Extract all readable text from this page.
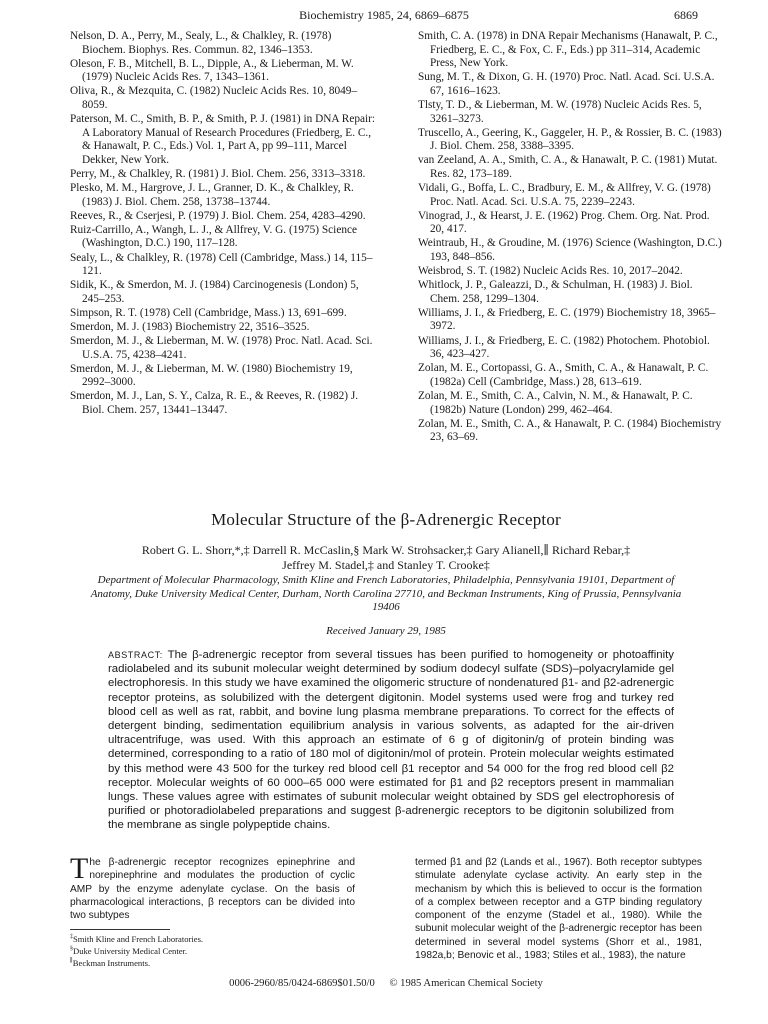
Biochemistry 1985, 24, 6869–6875	6869

Nelson, D. A., Perry, M., Sealy, L., & Chalkley, R. (1978) Biochem. Biophys. Res. Commun. 82, 1346–1353.

Oleson, F. B., Mitchell, B. L., Dipple, A., & Lieberman, M. W. (1979) Nucleic Acids Res. 7, 1343–1361.

Oliva, R., & Mezquita, C. (1982) Nucleic Acids Res. 10, 8049–8059.

Paterson, M. C., Smith, B. P., & Smith, P. J. (1981) in DNA Repair: A Laboratory Manual of Research Procedures (Friedberg, E. C., & Hanawalt, P. C., Eds.) Vol. 1, Part A, pp 99–111, Marcel Dekker, New York.

Perry, M., & Chalkley, R. (1981) J. Biol. Chem. 256, 3313–3318.

Plesko, M. M., Hargrove, J. L., Granner, D. K., & Chalkley, R. (1983) J. Biol. Chem. 258, 13738–13744.

Reeves, R., & Cserjesi, P. (1979) J. Biol. Chem. 254, 4283–4290.

Ruiz-Carrillo, A., Wangh, L. J., & Allfrey, V. G. (1975) Science (Washington, D.C.) 190, 117–128.

Sealy, L., & Chalkley, R. (1978) Cell (Cambridge, Mass.) 14, 115–121.

Sidik, K., & Smerdon, M. J. (1984) Carcinogenesis (London) 5, 245–253.

Simpson, R. T. (1978) Cell (Cambridge, Mass.) 13, 691–699.

Smerdon, M. J. (1983) Biochemistry 22, 3516–3525.

Smerdon, M. J., & Lieberman, M. W. (1978) Proc. Natl. Acad. Sci. U.S.A. 75, 4238–4241.

Smerdon, M. J., & Lieberman, M. W. (1980) Biochemistry 19, 2992–3000.

Smerdon, M. J., Lan, S. Y., Calza, R. E., & Reeves, R. (1982) J. Biol. Chem. 257, 13441–13447.

Smith, C. A. (1978) in DNA Repair Mechanisms (Hanawalt, P. C., Friedberg, E. C., & Fox, C. F., Eds.) pp 311–314, Academic Press, New York.

Sung, M. T., & Dixon, G. H. (1970) Proc. Natl. Acad. Sci. U.S.A. 67, 1616–1623.

Tlsty, T. D., & Lieberman, M. W. (1978) Nucleic Acids Res. 5, 3261–3273.

Truscello, A., Geering, K., Gaggeler, H. P., & Rossier, B. C. (1983) J. Biol. Chem. 258, 3388–3395.

van Zeeland, A. A., Smith, C. A., & Hanawalt, P. C. (1981) Mutat. Res. 82, 173–189.

Vidali, G., Boffa, L. C., Bradbury, E. M., & Allfrey, V. G. (1978) Proc. Natl. Acad. Sci. U.S.A. 75, 2239–2243.

Vinograd, J., & Hearst, J. E. (1962) Prog. Chem. Org. Nat. Prod. 20, 417.

Weintraub, H., & Groudine, M. (1976) Science (Washington, D.C.) 193, 848–856.

Weisbrod, S. T. (1982) Nucleic Acids Res. 10, 2017–2042.

Whitlock, J. P., Galeazzi, D., & Schulman, H. (1983) J. Biol. Chem. 258, 1299–1304.

Williams, J. I., & Friedberg, E. C. (1979) Biochemistry 18, 3965–3972.

Williams, J. I., & Friedberg, E. C. (1982) Photochem. Photobiol. 36, 423–427.

Zolan, M. E., Cortopassi, G. A., Smith, C. A., & Hanawalt, P. C. (1982a) Cell (Cambridge, Mass.) 28, 613–619.

Zolan, M. E., Smith, C. A., Calvin, N. M., & Hanawalt, P. C. (1982b) Nature (London) 299, 462–464.

Zolan, M. E., Smith, C. A., & Hanawalt, P. C. (1984) Biochemistry 23, 63–69.

Molecular Structure of the β-Adrenergic Receptor
Robert G. L. Shorr,*,‡ Darrell R. McCaslin,§ Mark W. Strohsacker,‡ Gary Alianell,∥ Richard Rebar,‡
Jeffrey M. Stadel,‡ and Stanley T. Crooke‡
Department of Molecular Pharmacology, Smith Kline and French Laboratories, Philadelphia, Pennsylvania 19101, Department of Anatomy, Duke University Medical Center, Durham, North Carolina 27710, and Beckman Instruments, King of Prussia, Pennsylvania 19406
Received January 29, 1985
ABSTRACT: The β-adrenergic receptor from several tissues has been purified to homogeneity or photoaffinity radiolabeled and its subunit molecular weight determined by sodium dodecyl sulfate (SDS)–polyacrylamide gel electrophoresis. In this study we have examined the oligomeric structure of nondenatured β1- and β2-adrenergic receptor proteins, as solubilized with the detergent digitonin. Model systems used were frog and turkey red blood cell as well as rat, rabbit, and bovine lung plasma membrane preparations. To correct for the effects of detergent binding, sedimentation equilibrium analysis in various solvents, as adapted for the air-driven ultracentrifuge, was used. With this approach an estimate of 6 g of digitonin/g of protein binding was determined, corresponding to a ratio of 180 mol of digitonin/mol of protein. Protein molecular weights estimated by this method were 43 500 for the turkey red blood cell β1 receptor and 54 000 for the frog red blood cell β2 receptor. Molecular weights of 60 000–65 000 were estimated for β1 and β2 receptors present in mammalian lungs. These values agree with estimates of subunit molecular weight obtained by SDS gel electrophoresis of purified or photoradiolabeled preparations and suggest β-adrenergic receptors to be digitonin solubilized from the membrane as single polypeptide chains.
The β-adrenergic receptor recognizes epinephrine and norepinephrine and modulates the production of cyclic AMP by the enzyme adenylate cyclase. On the basis of pharmacological interactions, β receptors can be divided into two subtypes
termed β1 and β2 (Lands et al., 1967). Both receptor subtypes stimulate adenylate cyclase activity. An early step in the mechanism by which this is believed to occur is the formation of a complex between receptor and a GTP binding regulatory component of the enzyme (Stadel et al., 1980). While the subunit molecular weight of the β-adrenergic receptor has been determined in several model systems (Shorr et al., 1981, 1982a,b; Benovic et al., 1983; Stiles et al., 1983), the nature
‡Smith Kline and French Laboratories.
§Duke University Medical Center.
∥Beckman Instruments.
0006-2960/85/0424-6869$01.50/0 © 1985 American Chemical Society
